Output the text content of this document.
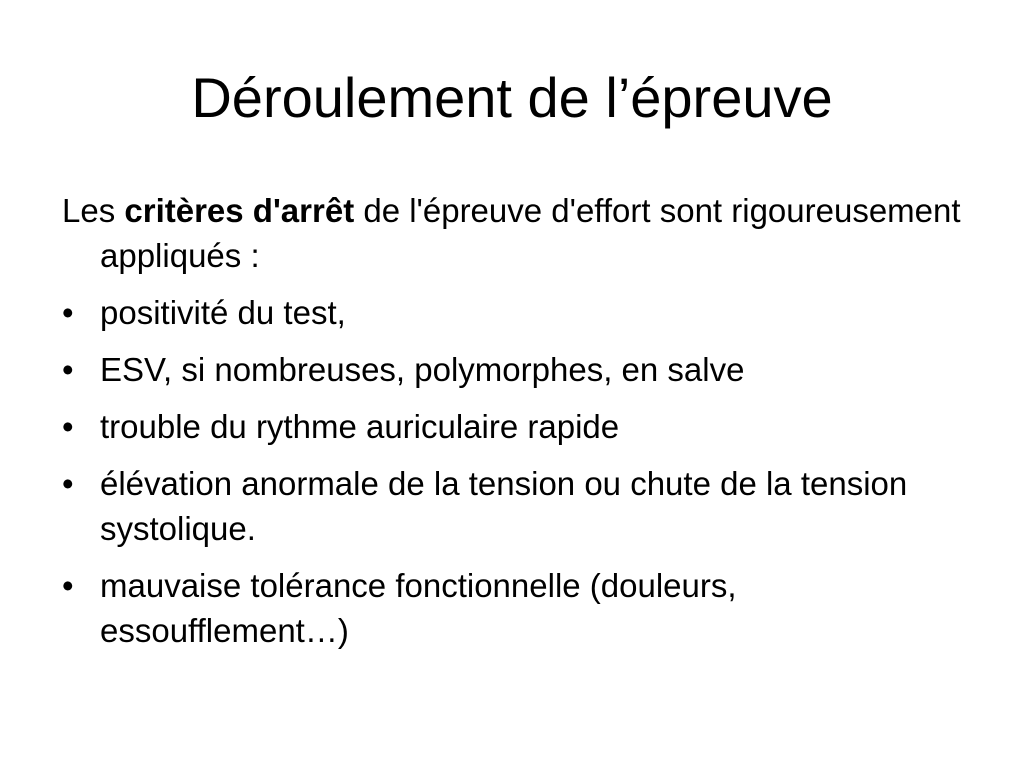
Déroulement de l’épreuve

Les critères d'arrêt de l'épreuve d'effort sont rigoureusement appliqués :

• positivité du test,
• ESV, si nombreuses, polymorphes, en salve
• trouble du rythme auriculaire rapide
• élévation anormale de la tension ou chute de la tension systolique.
• mauvaise tolérance fonctionnelle (douleurs, essoufflement…)
